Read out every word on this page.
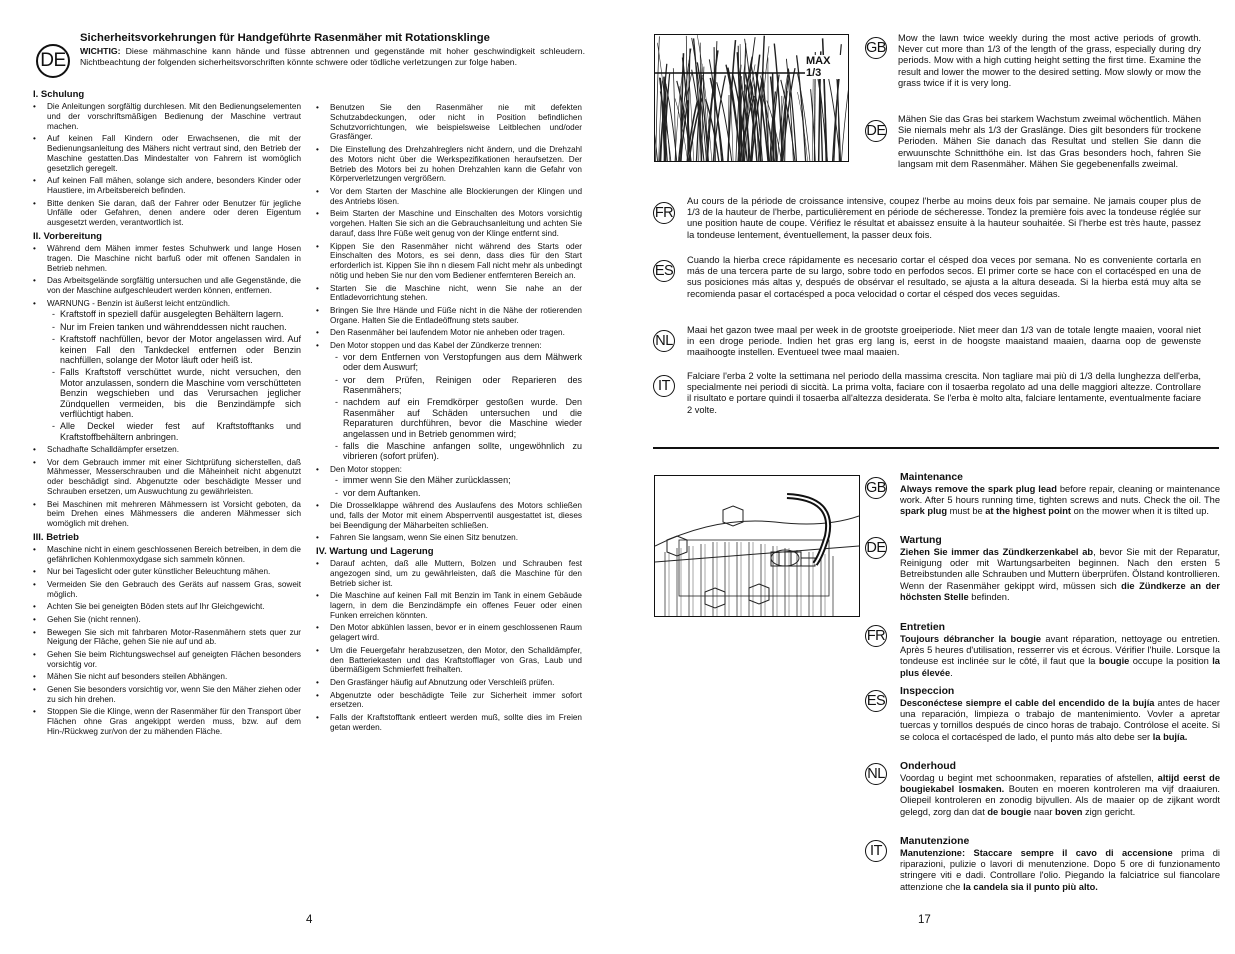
DE
Sicherheitsvorkehrungen für Handgeführte Rasenmäher mit Rotationsklinge
WICHTIG: Diese mähmaschine kann hände und füsse abtrennen und gegenstände mit hoher geschwindigkeit schleudern. Nichtbeachtung der folgenden sicherheitsvorschriften könnte schwere oder tödliche verletzungen zur folge haben.
I. Schulung
• Die Anleitungen sorgfältig durchlesen. Mit den Bedienungselementen und der vorschriftsmäßigen Bedienung der Maschine vertraut machen.
• Auf keinen Fall Kindern oder Erwachsenen, die mit der Bedienungsanleitung des Mähers nicht vertraut sind, den Betrieb der Maschine gestatten.Das Mindestalter von Fahrern ist womöglich gesetzlich geregelt.
• Auf keinen Fall mähen, solange sich andere, besonders Kinder oder Haustiere, im Arbeitsbereich befinden.
• Bitte denken Sie daran, daß der Fahrer oder Benutzer für jegliche Unfälle oder Gefahren, denen andere oder deren Eigentum ausgesetzt werden, verantwortlich ist.
II. Vorbereitung
• Während dem Mähen immer festes Schuhwerk und lange Hosen tragen. Die Maschine nicht barfuß oder mit offenen Sandalen in Betrieb nehmen.
• Das Arbeitsgelände sorgfältig untersuchen und alle Gegenstände, die von der Maschine aufgeschleudert werden können, entfernen.
• WARNUNG - Benzin ist äußerst leicht entzündlich.
- Kraftstoff in speziell dafür ausgelegten Behältern lagern.
- Nur im Freien tanken und währenddessen nicht rauchen.
- Kraftstoff nachfüllen, bevor der Motor angelassen wird. Auf keinen Fall den Tankdeckel entfernen oder Benzin nachfüllen, solange der Motor läuft oder heiß ist.
- Falls Kraftstoff verschüttet wurde, nicht versuchen, den Motor anzulassen, sondern die Maschine vom verschütteten Benzin wegschieben und das Verursachen jeglicher Zündquellen vermeiden, bis die Benzindämpfe sich verflüchtigt haben.
- Alle Deckel wieder fest auf Kraftstofftanks und Kraftstoffbehältern anbringen.
• Schadhafte Schalldämpfer ersetzen.
• Vor dem Gebrauch immer mit einer Sichtprüfung sicherstellen, daß Mähmesser, Messerschrauben und die Mäheinheit nicht abgenutzt oder beschädigt sind. Abgenutzte oder beschädigte Messer und Schrauben ersetzen, um Auswuchtung zu gewährleisten.
• Bei Maschinen mit mehreren Mähmessern ist Vorsicht geboten, da beim Drehen eines Mähmessers die anderen Mähmesser sich womöglich mit drehen.
III. Betrieb
• Maschine nicht in einem geschlossenen Bereich betreiben, in dem die gefährlichen Kohlenmoxydgase sich sammeln können.
• Nur bei Tageslicht oder guter künstlicher Beleuchtung mähen.
• Vermeiden Sie den Gebrauch des Geräts auf nassem Gras, soweit möglich.
• Achten Sie bei geneigten Böden stets auf Ihr Gleichgewicht.
• Gehen Sie (nicht rennen).
• Bewegen Sie sich mit fahrbaren Motor-Rasenmähern stets quer zur Neigung der Fläche, gehen Sie nie auf und ab.
• Gehen Sie beim Richtungswechsel auf geneigten Flächen besonders vorsichtig vor.
• Mähen Sie nicht auf besonders steilen Abhängen.
• Genen Sie besonders vorsichtig vor, wenn Sie den Mäher ziehen oder zu sich hin drehen.
• Stoppen Sie die Klinge, wenn der Rasenmäher für den Transport über Flächen ohne Gras angekippt werden muss, bzw. auf dem Hin-/Rückweg zur/von der zu mähenden Fläche.
• Benutzen Sie den Rasenmäher nie mit defekten Schutzabdeckungen, oder nicht in Position befindlichen Schutzvorrichtungen, wie beispielsweise Leitblechen und/oder Grasfänger.
• Die Einstellung des Drehzahlreglers nicht ändern, und die Drehzahl des Motors nicht über die Werkspezifikationen heraufsetzen. Der Betrieb des Motors bei zu hohen Drehzahlen kann die Gefahr von Körperverletzungen vergrößern.
• Vor dem Starten der Maschine alle Blockierungen der Klingen und des Antriebs lösen.
• Beim Starten der Maschine und Einschalten des Motors vorsichtig vorgehen. Halten Sie sich an die Gebrauchsanleitung und achten Sie darauf, dass Ihre Füße weit genug von der Klinge entfernt sind.
• Kippen Sie den Rasenmäher nicht während des Starts oder Einschalten des Motors, es sei denn, dass dies für den Start erforderlich ist. Kippen Sie ihn n diesem Fall nicht mehr als unbedingt nötig und heben Sie nur den vom Bediener entfernteren Bereich an.
• Starten Sie die Maschine nicht, wenn Sie nahe an der Entladevorrichtung stehen.
• Bringen Sie Ihre Hände und Füße nicht in die Nähe der rotierenden Organe. Halten Sie die Entladeöffnung stets sauber.
• Den Rasenmäher bei laufendem Motor nie anheben oder tragen.
• Den Motor stoppen und das Kabel der Zündkerze trennen:
- vor dem Entfernen von Verstopfungen aus dem Mähwerk oder dem Auswurf;
- vor dem Prüfen, Reinigen oder Reparieren des Rasenmähers;
- nachdem auf ein Fremdkörper gestoßen wurde. Den Rasenmäher auf Schäden untersuchen und die Reparaturen durchführen, bevor die Maschine wieder angelassen und in Betrieb genommen wird;
- falls die Maschine anfangen sollte, ungewöhnlich zu vibrieren (sofort prüfen).
• Den Motor stoppen:
- immer wenn Sie den Mäher zurücklassen;
- vor dem Auftanken.
• Die Drosselklappe während des Auslaufens des Motors schließen und, falls der Motor mit einem Absperrventil ausgestattet ist, dieses bei Beendigung der Mäharbeiten schließen.
• Fahren Sie langsam, wenn Sie einen Sitz benutzen.
IV. Wartung und Lagerung
• Darauf achten, daß alle Muttern, Bolzen und Schrauben fest angezogen sind, um zu gewährleisten, daß die Maschine für den Betrieb sicher ist.
• Die Maschine auf keinen Fall mit Benzin im Tank in einem Gebäude lagern, in dem die Benzindämpfe ein offenes Feuer oder einen Funken erreichen könnten.
• Den Motor abkühlen lassen, bevor er in einem geschlossenen Raum gelagert wird.
• Um die Feuergefahr herabzusetzen, den Motor, den Schalldämpfer, den Batteriekasten und das Kraftstofflager von Gras, Laub und übermäßigem Schmierfett freihalten.
• Den Grasfänger häufig auf Abnutzung oder Verschleiß prüfen.
• Abgenutzte oder beschädigte Teile zur Sicherheit immer sofort ersetzen.
• Falls der Kraftstofftank entleert werden muß, sollte dies im Freien getan werden.
4
MAX 1/3
GB
Mow the lawn twice weekly during the most active periods of growth. Never cut more than 1/3 of the length of the grass, especially during dry periods. Mow with a high cutting height setting the first time. Examine the result and lower the mower to the desired setting. Mow slowly or mow the grass twice if it is very long.
DE
Mähen Sie das Gras bei starkem Wachstum zweimal wöchentlich. Mähen Sie niemals mehr als 1/3 der Graslänge. Dies gilt besonders für trockene Perioden. Mähen Sie danach das Resultat und stellen Sie dann die erwuunschte Schnitthöhe ein. Ist das Gras besonders hoch, fahren Sie langsam mit dem Rasenmäher. Mähen Sie gegebenenfalls zweimal.
FR
Au cours de la période de croissance intensive, coupez l'herbe au moins deux fois par semaine. Ne jamais couper plus de 1/3 de la hauteur de l'herbe, particulièrement en période de sécheresse. Tondez la première fois avec la tondeuse réglée sur une position haute de coupe. Vérifiez le résultat et abaissez ensuite à la hauteur souhaitée. Si l'herbe est très haute, passez la tondeuse lentement, éventuellement, la passer deux fois.
ES
Cuando la hierba crece rápidamente es necesario cortar el césped doa veces por semana. No es conveniente cortarla en más de una tercera parte de su largo, sobre todo en perfodos secos. El primer corte se hace con el cortacésped en una de sus posiciones más altas y, después de obsérvar el resultado, se ajusta a la altura deseada. Si la hierba está muy alta se recomienda pasar el cortacésped a poca velocidad o cortar el césped dos veces seguidas.
NL
Maai het gazon twee maal per week in de grootste groeiperiode. Niet meer dan 1/3 van de totale lengte maaien, vooral niet in een droge periode. Indien het gras erg lang is, eerst in de hoogste maaistand maaien, daarna oop de gewenste maaihoogte instellen. Eventueel twee maal maaien.
IT
Falciare l'erba 2 volte la settimana nel periodo della massima crescita. Non tagliare mai più di 1/3 della lunghezza dell'erba, specialmente nei periodi di siccità. La prima volta, faciare con il tosaerba regolato ad una delle maggiori altezze. Controllare il risultato e portare quindi il tosaerba all'altezza desiderata. Se l'erba è molto alta, falciare lentamente, eventualmente faciare 2 volte.
GB
Maintenance
Always remove the spark plug lead before repair, cleaning or maintenance work. After 5 hours running time, tighten screws and nuts. Check the oil. The spark plug must be at the highest point on the mower when it is tilted up.
DE Wartung
Ziehen Sie immer das Zündkerzenkabel ab, bevor Sie mit der Reparatur, Reinigung oder mit Wartungsarbeiten beginnen. Nach den ersten 5 Betreibstunden alle Schrauben und Muttern überprüfen. Ölstand kontrollieren. Wenn der Rasenmäher gekippt wird, müssen sich die Zündkerze an der höchsten Stelle befinden.
FR
Entretien
Toujours débrancher la bougie avant réparation, nettoyage ou entretien. Après 5 heures d'utilisation, resserrer vis et écrous. Vérifier l'huile. Lorsque la tondeuse est inclinée sur le côté, il faut que la bougie occupe la position la plus élevée.
ES
Inspeccion
Desconéctese siempre el cable del encendido de la bujía antes de hacer una reparación, limpieza o trabajo de mantenimiento. Vovler a apretar tuercas y tornillos después de cinco horas de trabajo. Contrólose el aceite. Si se coloca el cortacésped de lado, el punto más alto debe ser la bujía.
NL Onderhoud
Voordag u begint met schoonmaken, reparaties of afstellen, altijd eerst de bougiekabel losmaken. Bouten en moeren kontroleren ma vijf draaiuren. Oliepeil kontroleren en zonodig bijvullen. Als de maaier op de zijkant wordt gelegd, zorg dan dat de bougie naar boven zign gericht.
IT
Manutenzione
Manutenzione: Staccare sempre il cavo di accensione prima di riparazioni, pulizie o lavori di menutenzione. Dopo 5 ore di funzionamento stringere viti e dadi. Controllare l'olio. Piegando la falciatrice sul fiancolare attenzione che la candela sia il punto più alto.
17
